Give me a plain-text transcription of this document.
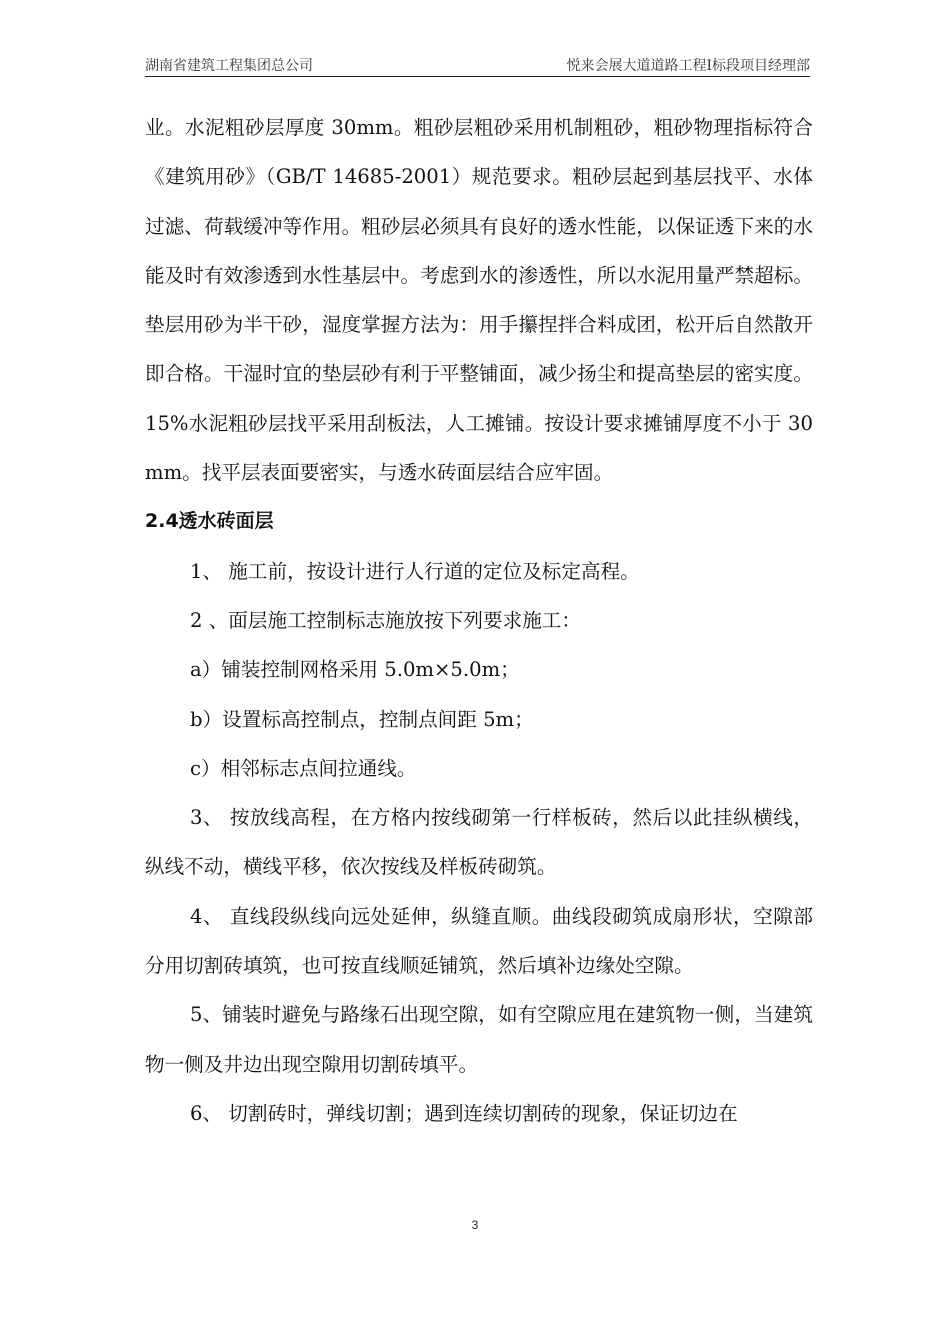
湖南省建筑工程集团总公司	悦来会展大道道路工程Ⅰ标段项目经理部

业。水泥粗砂层厚度 30mm。粗砂层粗砂采用机制粗砂，粗砂物理指标符合《建筑用砂》（GB/T 14685-2001）规范要求。粗砂层起到基层找平、水体过滤、荷载缓冲等作用。粗砂层必须具有良好的透水性能，以保证透下来的水能及时有效渗透到水性基层中。考虑到水的渗透性，所以水泥用量严禁超标。垫层用砂为半干砂，湿度掌握方法为：用手攥捏拌合料成团，松开后自然散开即合格。干湿时宜的垫层砂有利于平整铺面，减少扬尘和提高垫层的密实度。15%水泥粗砂层找平采用刮板法，人工摊铺。按设计要求摊铺厚度不小于 30mm。找平层表面要密实，与透水砖面层结合应牢固。

2.4透水砖面层

1、 施工前，按设计进行人行道的定位及标定高程。

2 、面层施工控制标志施放按下列要求施工：

a）铺装控制网格采用 5.0m×5.0m；

b）设置标高控制点，控制点间距 5m；

c）相邻标志点间拉通线。

3、 按放线高程，在方格内按线砌第一行样板砖，然后以此挂纵横线，纵线不动，横线平移，依次按线及样板砖砌筑。

4、 直线段纵线向远处延伸，纵缝直顺。曲线段砌筑成扇形状，空隙部分用切割砖填筑，也可按直线顺延铺筑，然后填补边缘处空隙。

5、铺装时避免与路缘石出现空隙，如有空隙应甩在建筑物一侧，当建筑物一侧及井边出现空隙用切割砖填平。

6、 切割砖时，弹线切割；遇到连续切割砖的现象，保证切边在

3
